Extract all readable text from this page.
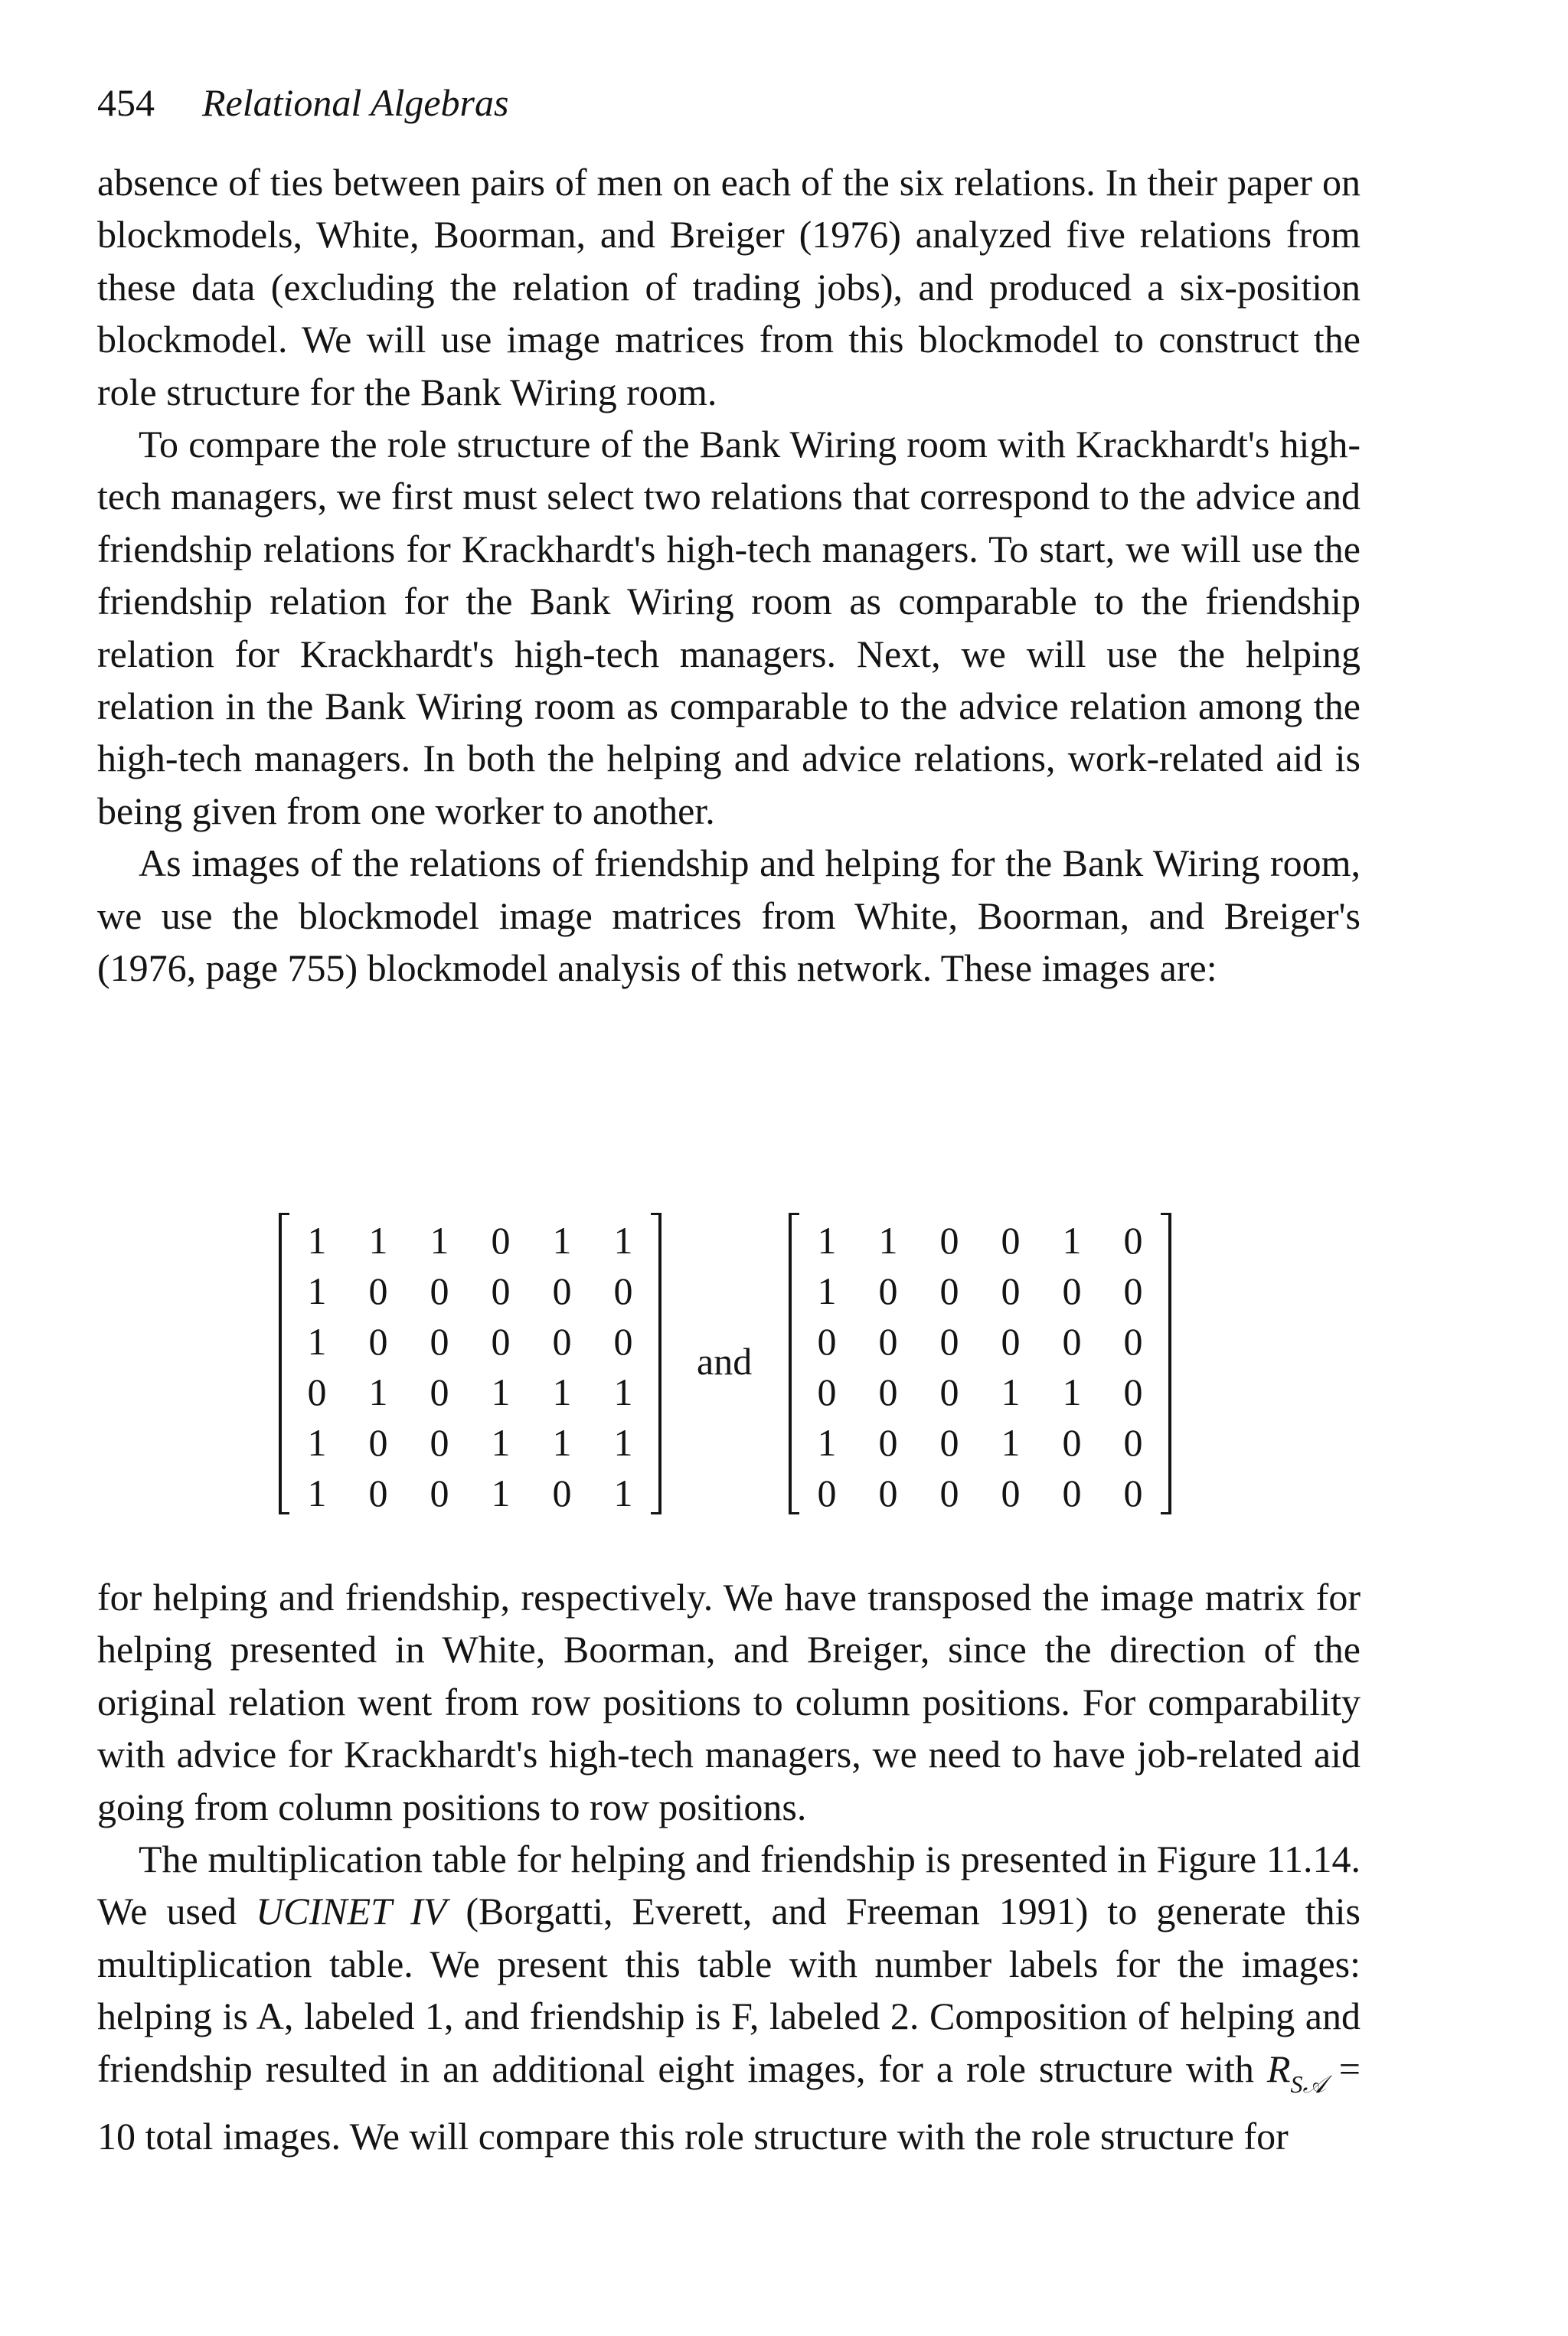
454 Relational Algebras

absence of ties between pairs of men on each of the six relations. In their paper on blockmodels, White, Boorman, and Breiger (1976) analyzed five relations from these data (excluding the relation of trading jobs), and produced a six-position blockmodel. We will use image matrices from this blockmodel to construct the role structure for the Bank Wiring room.

To compare the role structure of the Bank Wiring room with Krackhardt's high-tech managers, we first must select two relations that correspond to the advice and friendship relations for Krackhardt's high-tech managers. To start, we will use the friendship relation for the Bank Wiring room as comparable to the friendship relation for Krackhardt's high-tech managers. Next, we will use the helping relation in the Bank Wiring room as comparable to the advice relation among the high-tech managers. In both the helping and advice relations, work-related aid is being given from one worker to another.

As images of the relations of friendship and helping for the Bank Wiring room, we use the blockmodel image matrices from White, Boorman, and Breiger's (1976, page 755) blockmodel analysis of this network. These images are:

1 1 1 0 1 1
1 0 0 0 0 0
1 0 0 0 0 0
0 1 0 1 1 1
1 0 0 1 1 1
1 0 0 1 0 1
and
1 1 0 0 1 0
1 0 0 0 0 0
0 0 0 0 0 0
0 0 0 1 1 0
1 0 0 1 0 0
0 0 0 0 0 0

for helping and friendship, respectively. We have transposed the image matrix for helping presented in White, Boorman, and Breiger, since the direction of the original relation went from row positions to column positions. For comparability with advice for Krackhardt's high-tech managers, we need to have job-related aid going from column positions to row positions.

The multiplication table for helping and friendship is presented in Figure 11.14. We used UCINET IV (Borgatti, Everett, and Freeman 1991) to generate this multiplication table. We present this table with number labels for the images: helping is A, labeled 1, and friendship is F, labeled 2. Composition of helping and friendship resulted in an additional eight images, for a role structure with $R_{S𝒜} = 10$ total images. We will compare this role structure with the role structure for
